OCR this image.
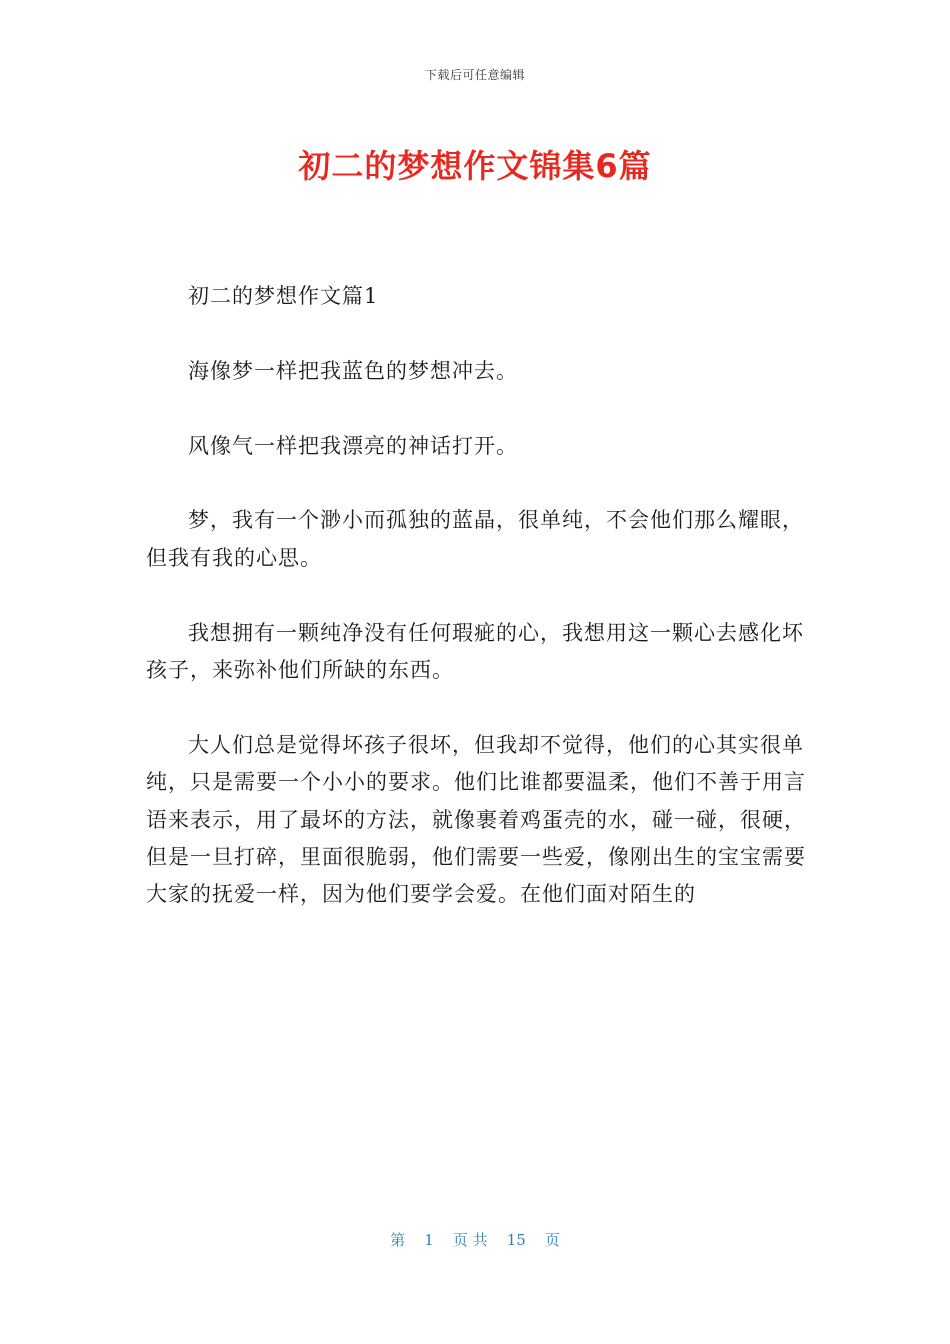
下载后可任意编辑
初二的梦想作文锦集6篇

初二的梦想作文篇1

海像梦一样把我蓝色的梦想冲去。

风像气一样把我漂亮的神话打开。

梦，我有一个渺小而孤独的蓝晶，很单纯，不会他们那么耀眼，但我有我的心思。

我想拥有一颗纯净没有任何瑕疵的心，我想用这一颗心去感化坏孩子，来弥补他们所缺的东西。

大人们总是觉得坏孩子很坏，但我却不觉得，他们的心其实很单纯，只是需要一个小小的要求。他们比谁都要温柔，他们不善于用言语来表示，用了最坏的方法，就像裹着鸡蛋壳的水，碰一碰，很硬，但是一旦打碎，里面很脆弱，他们需要一些爱，像刚出生的宝宝需要大家的抚爱一样，因为他们要学会爱。在他们面对陌生的

第 1 页 共 15 页
